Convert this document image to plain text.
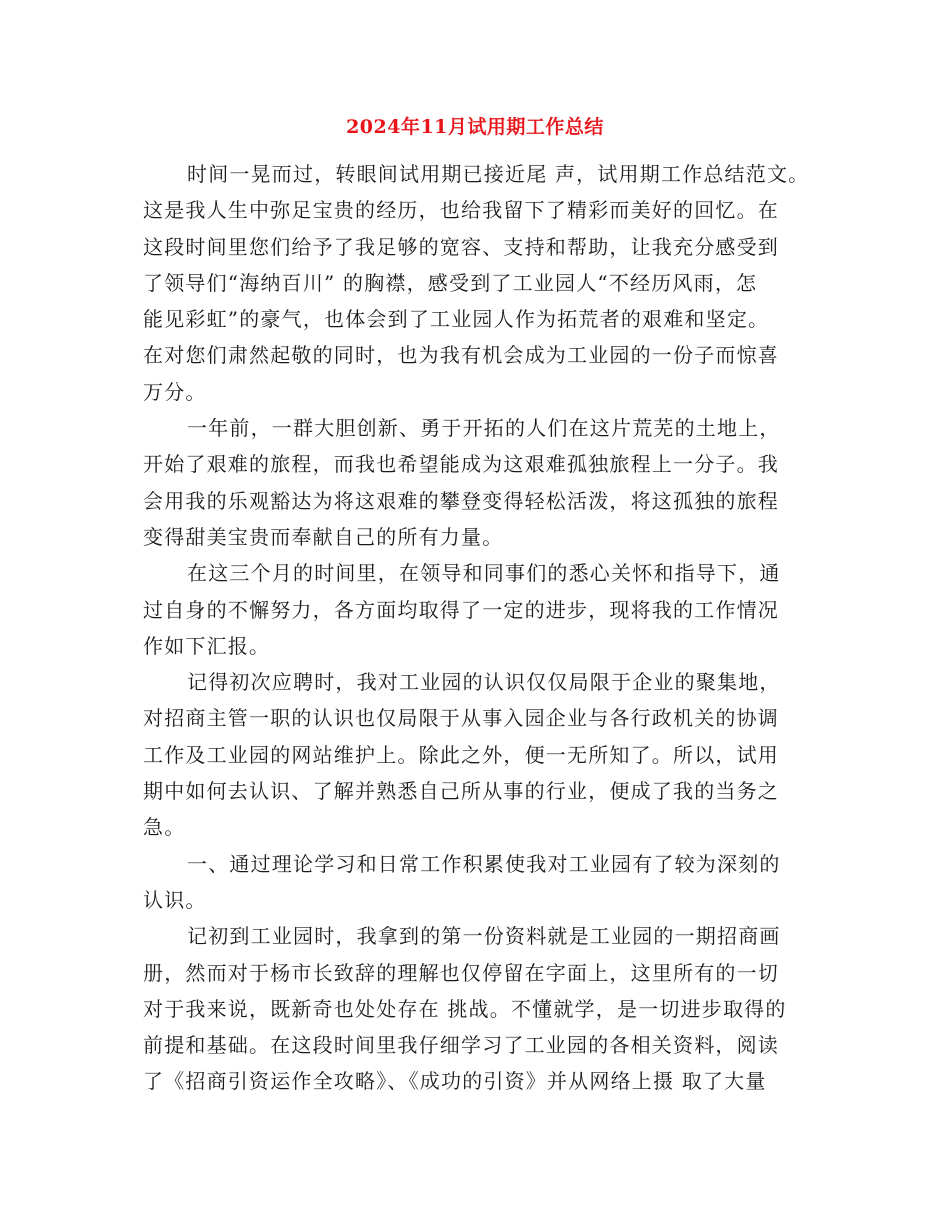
2024年11月试用期工作总结
时间一晃而过，转眼间试用期已接近尾 声，试用期工作总结范文。
这是我人生中弥足宝贵的经历，也给我留下了精彩而美好的回忆。在
这段时间里您们给予了我足够的宽容、支持和帮助，让我充分感受到
了领导们“海纳百川” 的胸襟，感受到了工业园人“不经历风雨，怎
能见彩虹”的豪气，也体会到了工业园人作为拓荒者的艰难和坚定。
在对您们肃然起敬的同时，也为我有机会成为工业园的一份子而惊喜
万分。
一年前，一群大胆创新、勇于开拓的人们在这片荒芜的土地上，
开始了艰难的旅程，而我也希望能成为这艰难孤独旅程上一分子。我
会用我的乐观豁达为将这艰难的攀登变得轻松活泼，将这孤独的旅程
变得甜美宝贵而奉献自己的所有力量。
在这三个月的时间里，在领导和同事们的悉心关怀和指导下，通
过自身的不懈努力，各方面均取得了一定的进步，现将我的工作情况
作如下汇报。
记得初次应聘时，我对工业园的认识仅仅局限于企业的聚集地，
对招商主管一职的认识也仅局限于从事入园企业与各行政机关的协调
工作及工业园的网站维护上。除此之外，便一无所知了。所以，试用
期中如何去认识、了解并熟悉自己所从事的行业，便成了我的当务之
急。
一、通过理论学习和日常工作积累使我对工业园有了较为深刻的
认识。
记初到工业园时，我拿到的第一份资料就是工业园的一期招商画
册，然而对于杨市长致辞的理解也仅停留在字面上，这里所有的一切
对于我来说，既新奇也处处存在 挑战。不懂就学，是一切进步取得的
前提和基础。在这段时间里我仔细学习了工业园的各相关资料，阅读
了《招商引资运作全攻略》、《成功的引资》并从网络上摄 取了大量
